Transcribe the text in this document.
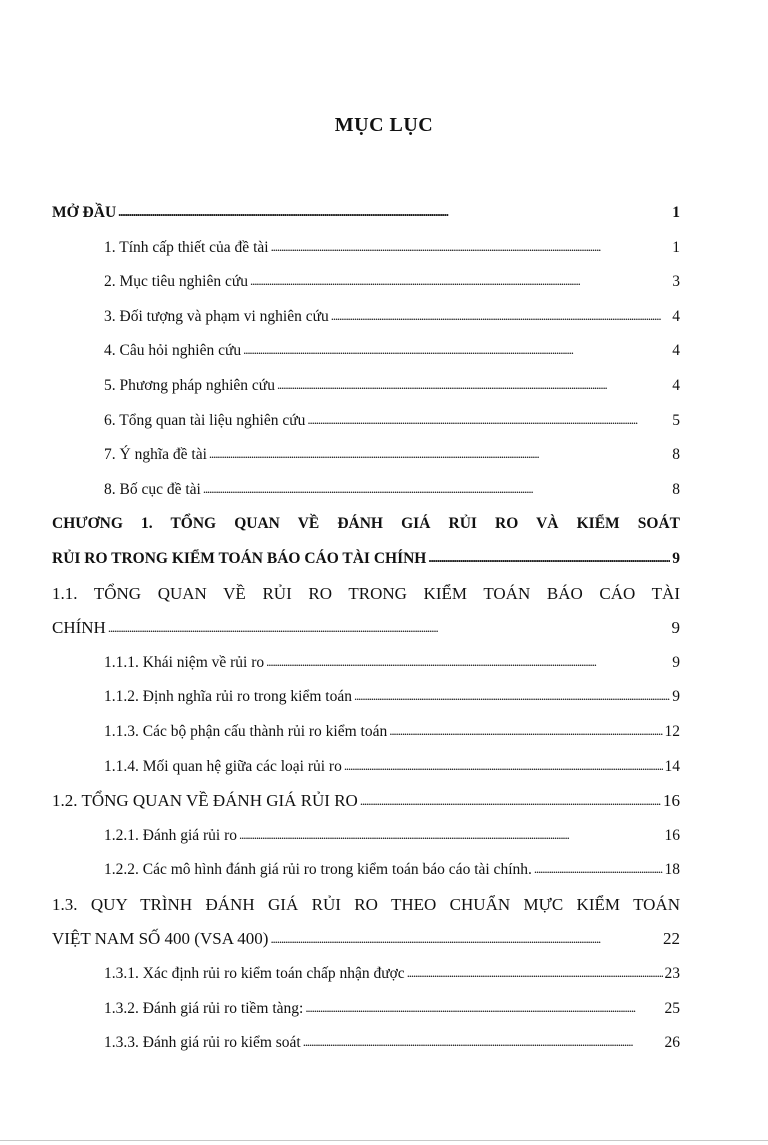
MỤC LỤC
MỞ ĐẦU . . .	1
1. Tính cấp thiết của đề tài . . .	1
2. Mục tiêu nghiên cứu . . .	3
3. Đối tượng và phạm vi nghiên cứu . . .	4
4. Câu hỏi nghiên cứu . . .	4
5. Phương pháp nghiên cứu . . .	4
6. Tổng quan tài liệu nghiên cứu . . .	5
7. Ý nghĩa đề tài . . .	8
8. Bố cục đề tài . . .	8
CHƯƠNG 1. TỔNG QUAN VỀ ĐÁNH GIÁ RỦI RO VÀ KIỂM SOÁT
RỦI RO TRONG KIỂM TOÁN BÁO CÁO TÀI CHÍNH . . .	9
1.1. TỔNG QUAN VỀ RỦI RO TRONG KIỂM TOÁN BÁO CÁO TÀI
CHÍNH . . .	9
1.1.1. Khái niệm về rủi ro . . .	9
1.1.2. Định nghĩa rủi ro trong kiểm toán . . .	9
1.1.3. Các bộ phận cấu thành rủi ro kiểm toán . . .	12
1.1.4. Mối quan hệ giữa các loại rủi ro . . .	14
1.2. TỔNG QUAN VỀ ĐÁNH GIÁ RỦI RO . . .	16
1.2.1. Đánh giá rủi ro . . .	16
1.2.2. Các mô hình đánh giá rủi ro trong kiểm toán báo cáo tài chính. . . .	18
1.3. QUY TRÌNH ĐÁNH GIÁ RỦI RO THEO CHUẨN MỰC KIỂM TOÁN
VIỆT NAM SỐ 400 (VSA 400) . . .	22
1.3.1. Xác định rủi ro kiểm toán chấp nhận được . . .	23
1.3.2. Đánh giá rủi ro tiềm tàng: . . .	25
1.3.3. Đánh giá rủi ro kiểm soát . . .	26
